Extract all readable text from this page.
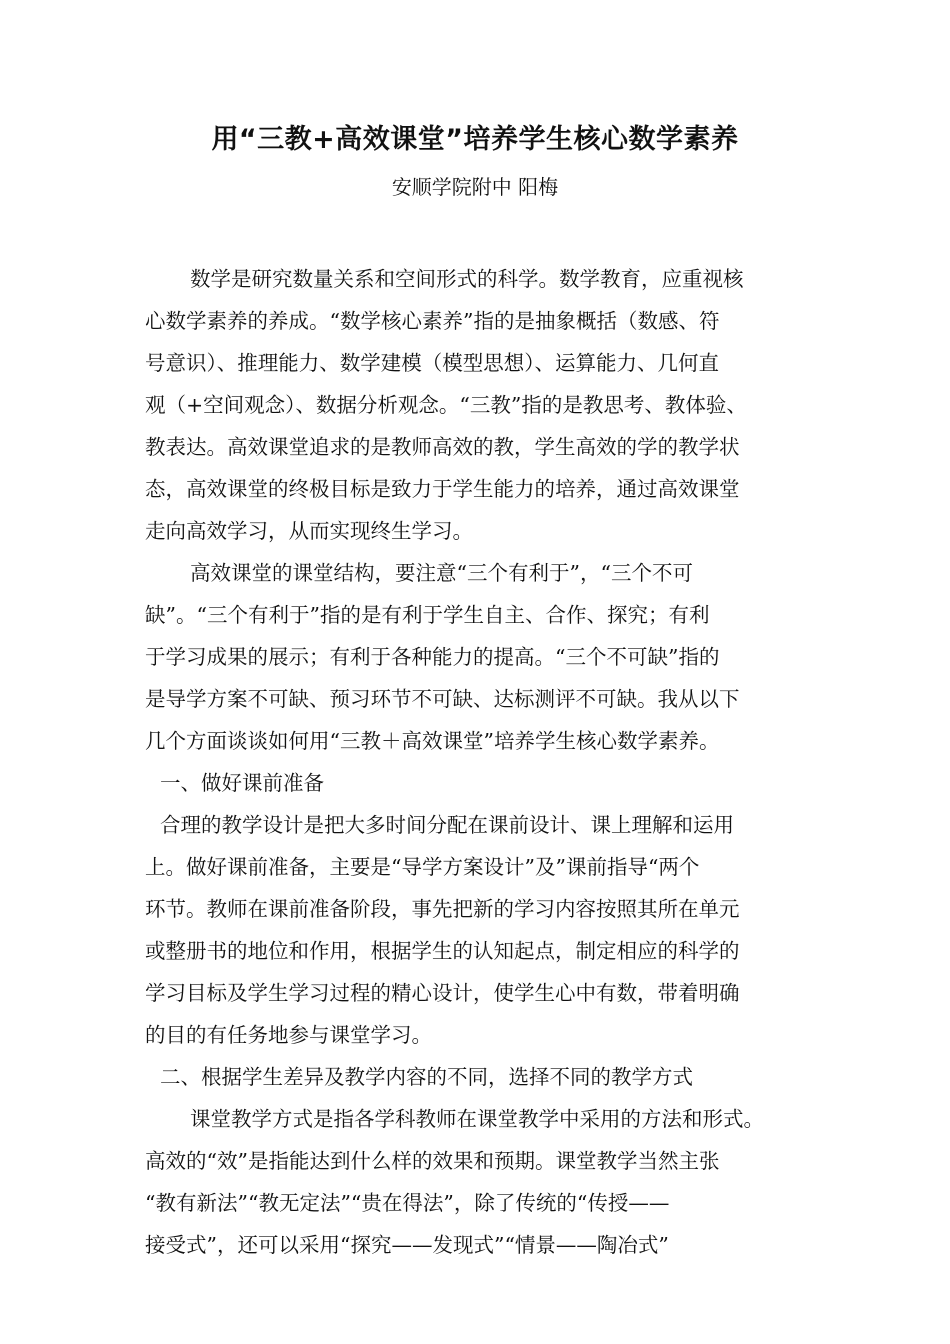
用“三教+高效课堂”培养学生核心数学素养
安顺学院附中 阳梅
数学是研究数量关系和空间形式的科学。数学教育，应重视核
心数学素养的养成。“数学核心素养”指的是抽象概括（数感、符
号意识）、推理能力、数学建模（模型思想）、运算能力、几何直
观（+空间观念）、数据分析观念。“三教”指的是教思考、教体验、
教表达。高效课堂追求的是教师高效的教，学生高效的学的教学状
态，高效课堂的终极目标是致力于学生能力的培养，通过高效课堂
走向高效学习，从而实现终生学习。
高效课堂的课堂结构，要注意“三个有利于”，“三个不可
缺”。“三个有利于”指的是有利于学生自主、合作、探究；有利
于学习成果的展示；有利于各种能力的提高。“三个不可缺”指的
是导学方案不可缺、预习环节不可缺、达标测评不可缺。我从以下
几个方面谈谈如何用“三教＋高效课堂”培养学生核心数学素养。
一、做好课前准备
合理的教学设计是把大多时间分配在课前设计、课上理解和运用
上。做好课前准备，主要是“导学方案设计”及”课前指导“两个
环节。教师在课前准备阶段，事先把新的学习内容按照其所在单元
或整册书的地位和作用，根据学生的认知起点，制定相应的科学的
学习目标及学生学习过程的精心设计，使学生心中有数，带着明确
的目的有任务地参与课堂学习。
二、根据学生差异及教学内容的不同，选择不同的教学方式
课堂教学方式是指各学科教师在课堂教学中采用的方法和形式。
高效的“效”是指能达到什么样的效果和预期。课堂教学当然主张
“教有新法”“教无定法”“贵在得法”，除了传统的“传授——
接受式”，还可以采用“探究——发现式”“情景——陶冶式”
